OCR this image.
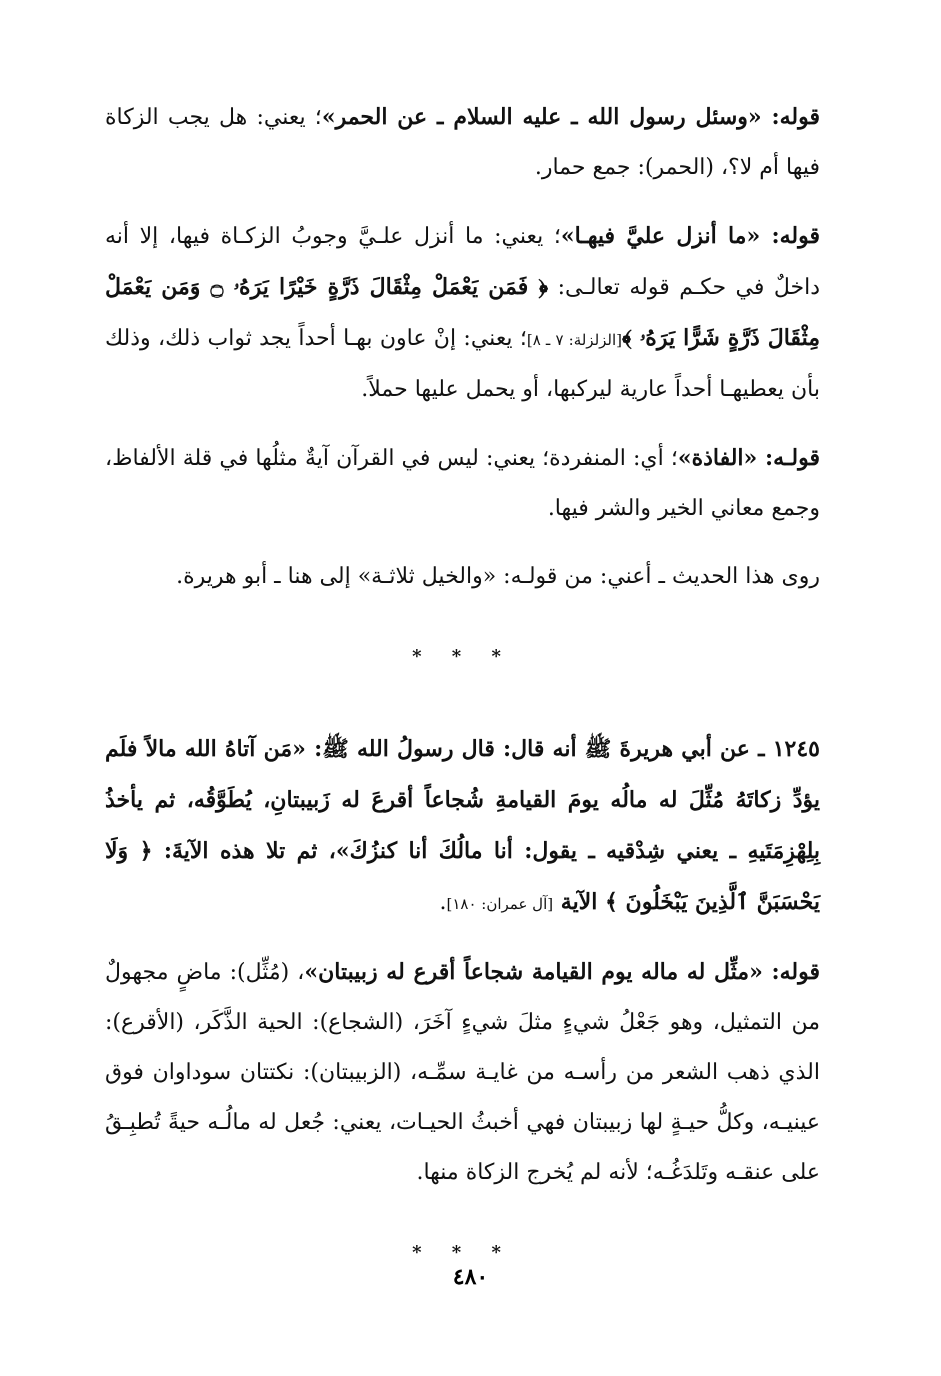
قوله: «وسئل رسول الله ـ عليه السلام ـ عن الحمر»؛ يعني: هل يجب الزكاة فيها أم لا؟، (الحمر): جمع حمار.

قوله: «ما أنزل عليَّ فيهـا»؛ يعني: ما أنزل علـيَّ وجوبُ الزكـاة فيها، إلا أنه داخلٌ في حكـم قوله تعالـى: ﴿ فَمَن يَعْمَلْ مِثْقَالَ ذَرَّةٍ خَيْرًا يَرَهُۥ ۝ وَمَن يَعْمَلْ مِثْقَالَ ذَرَّةٍ شَرًّا يَرَهُۥ ﴾[الزلزلة: ٧ ـ ٨]؛ يعني: إنْ عاون بهـا أحداً يجد ثواب ذلك، وذلك بأن يعطيهـا أحداً عارية ليركبها، أو يحمل عليها حملاً.

قولـه: «الفاذة»؛ أي: المنفردة؛ يعني: ليس في القرآن آيةٌ مثلُها في قلة الألفاظ، وجمع معاني الخير والشر فيها.

روى هذا الحديث ـ أعني: من قولـه: «والخيل ثلاثـة» إلى هنا ـ أبو هريرة.

* * *

١٢٤٥ ـ عن أبي هريرةَ ﷺ أنه قال: قال رسولُ الله ﷺ: «مَن آتاهُ الله مالاً فلَم يؤدِّ زكاتَهُ مُثِّلَ له مالُه يومَ القيامةِ شُجاعاً أقرعَ له زَبيبتانِ، يُطَوَّقُه، ثم يأخذُ بِلِهْزِمَتَيهِ ـ يعني شِدْقيه ـ يقول: أنا مالُكَ أنا كنزُكَ»، ثم تلا هذه الآيةَ: ﴿ وَلَا يَحْسَبَنَّ ٱلَّذِينَ يَبْخَلُونَ ﴾ الآية [آل عمران: ١٨٠].

قوله: «مثِّل له ماله يوم القيامة شجاعاً أقرع له زبيبتان»، (مُثِّل): ماضٍ مجهولٌ من التمثيل، وهو جَعْلُ شيءٍ مثلَ شيءٍ آخَرَ، (الشجاع): الحية الذَّكَر، (الأقرع): الذي ذهب الشعر من رأسـه من غايـة سمِّـه، (الزبيبتان): نكتتان سوداوان فوق عينيـه، وكلُّ حيـةٍ لها زبيبتان فهي أخبثُ الحيـات، يعني: جُعل له مالُـه حيةً تُطبِـقُ على عنقـه وتَلدَغُـه؛ لأنه لم يُخرج الزكاة منها.

* * *
٤٨٠
